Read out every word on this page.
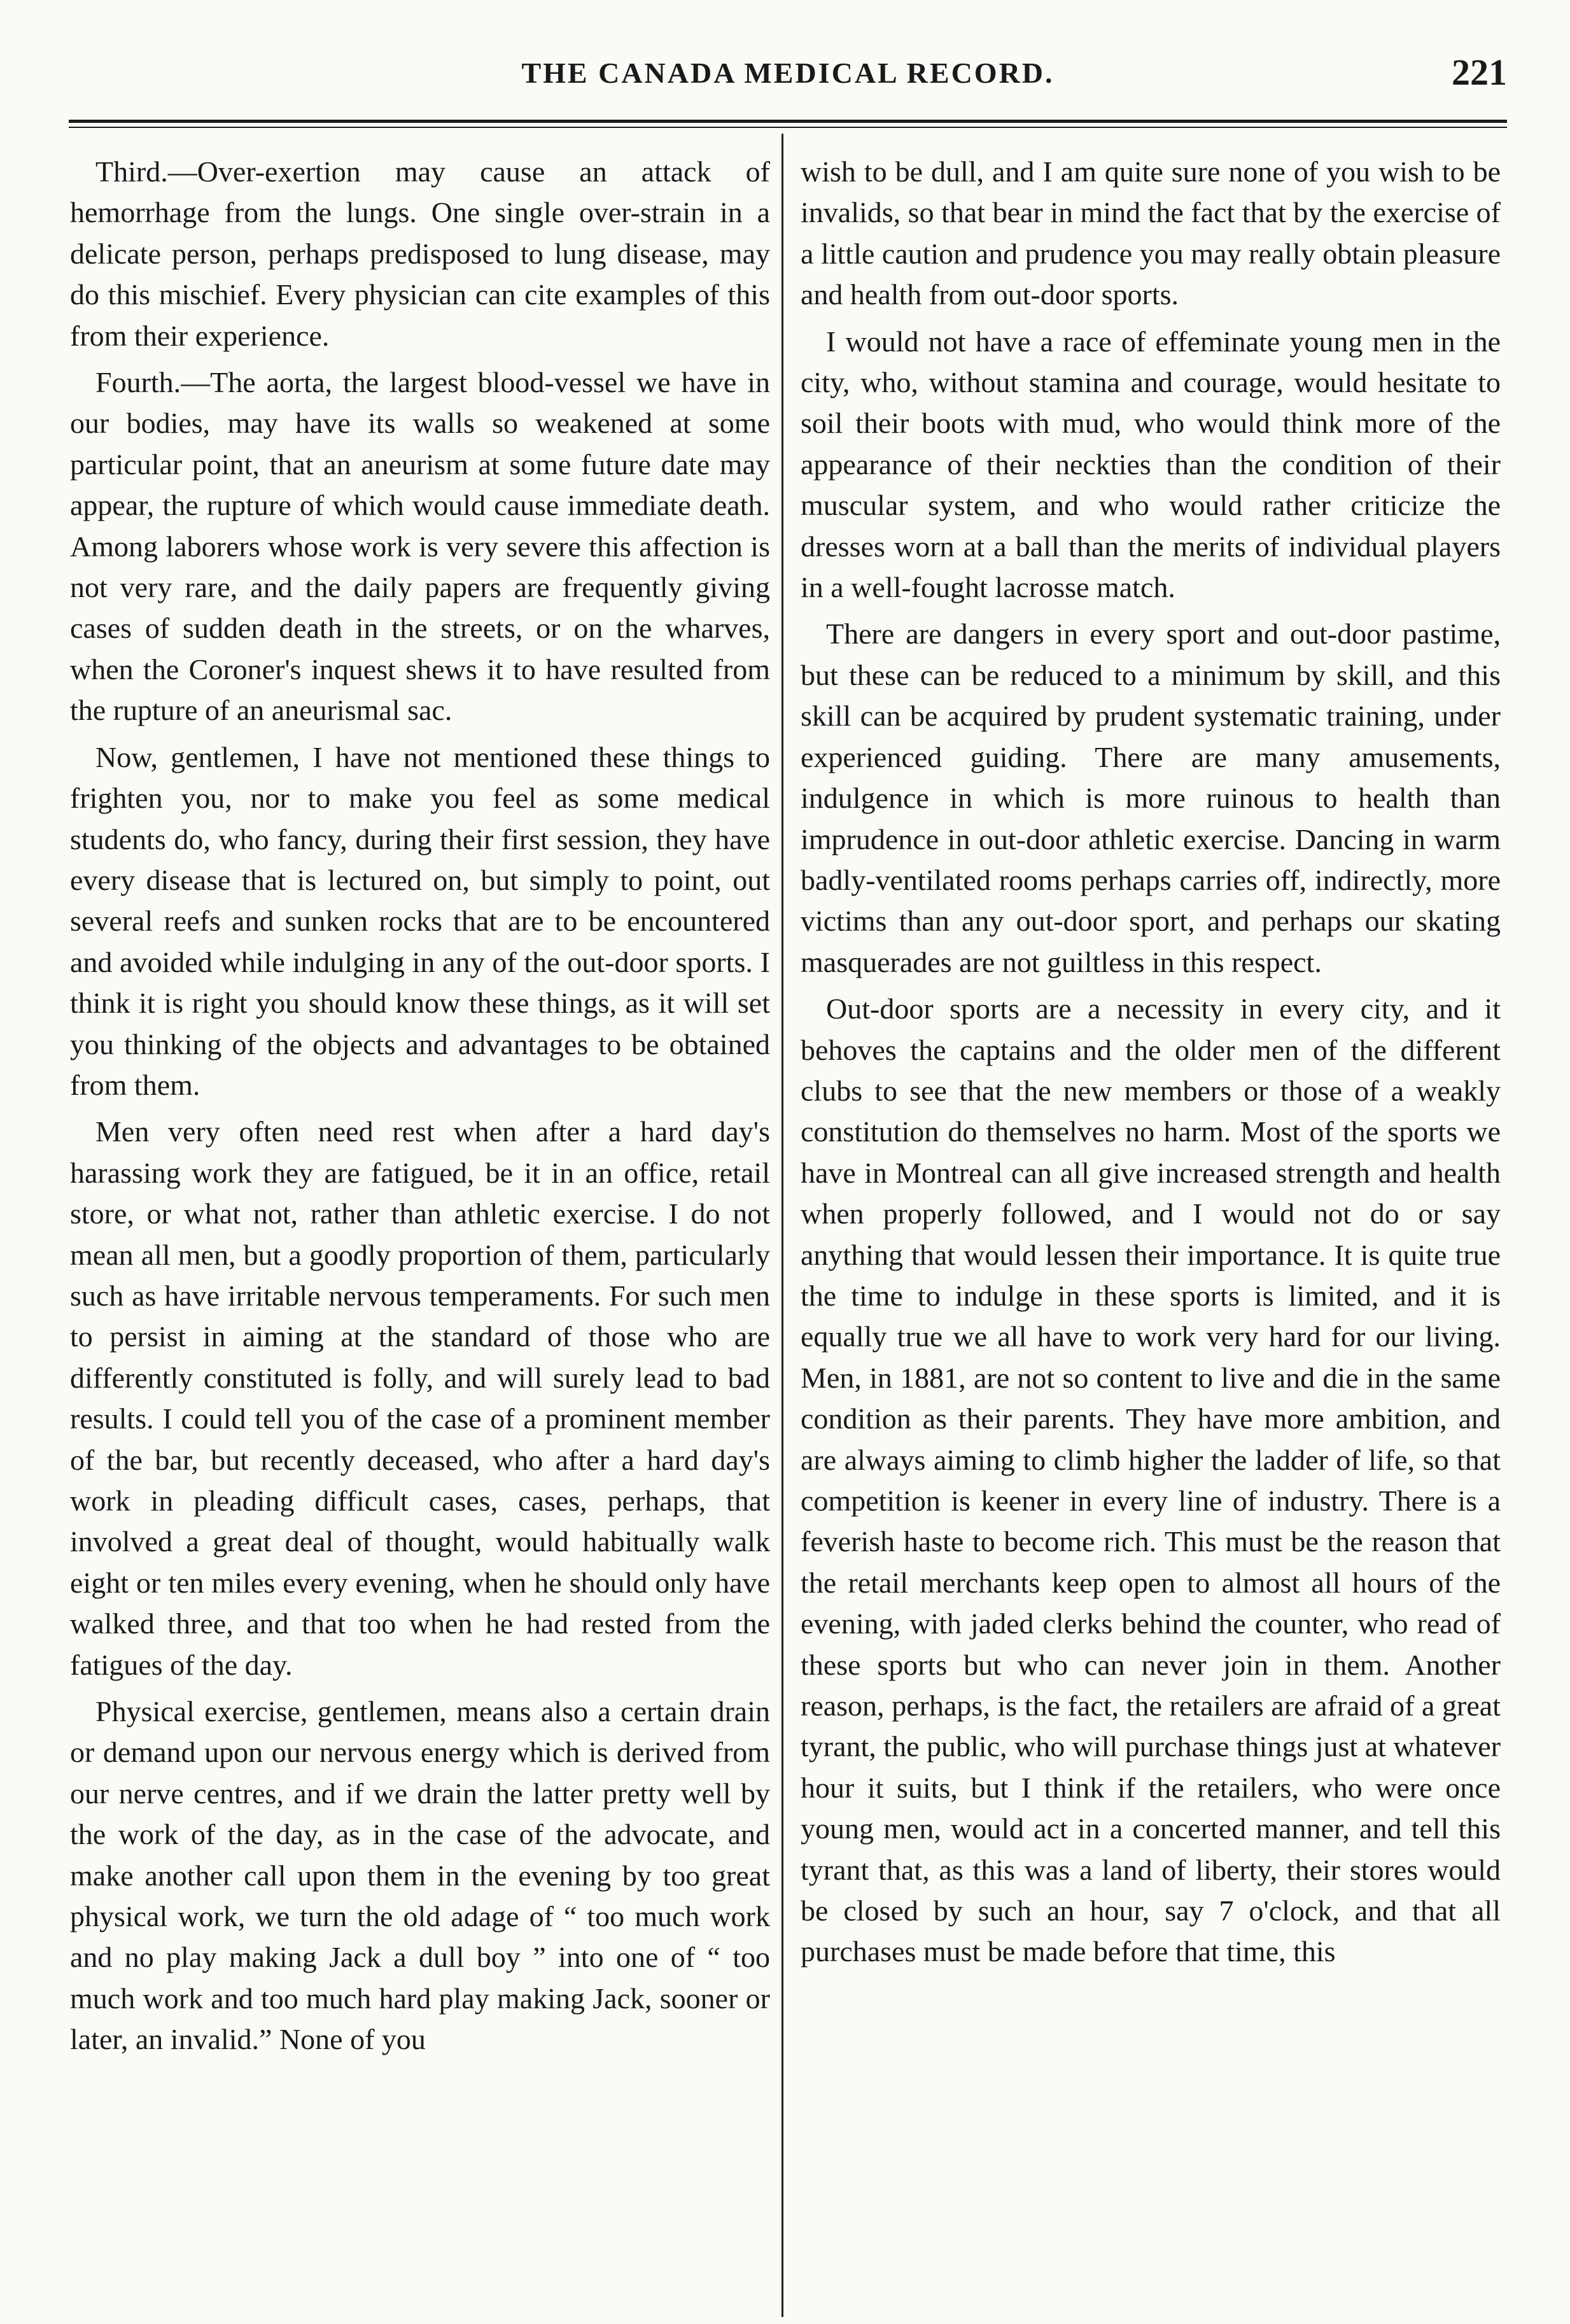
THE CANADA MEDICAL RECORD.	221

Third.—Over-exertion may cause an attack of hemorrhage from the lungs. One single over-strain in a delicate person, perhaps predisposed to lung disease, may do this mischief. Every physician can cite examples of this from their experience.

Fourth.—The aorta, the largest blood-vessel we have in our bodies, may have its walls so weakened at some particular point, that an aneurism at some future date may appear, the rupture of which would cause immediate death. Among laborers whose work is very severe this affection is not very rare, and the daily papers are frequently giving cases of sudden death in the streets, or on the wharves, when the Coroner's inquest shews it to have resulted from the rupture of an aneurismal sac.

Now, gentlemen, I have not mentioned these things to frighten you, nor to make you feel as some medical students do, who fancy, during their first session, they have every disease that is lectured on, but simply to point, out several reefs and sunken rocks that are to be encountered and avoided while indulging in any of the out-door sports. I think it is right you should know these things, as it will set you thinking of the objects and advantages to be obtained from them.

Men very often need rest when after a hard day's harassing work they are fatigued, be it in an office, retail store, or what not, rather than athletic exercise. I do not mean all men, but a goodly proportion of them, particularly such as have irritable nervous temperaments. For such men to persist in aiming at the standard of those who are differently constituted is folly, and will surely lead to bad results. I could tell you of the case of a prominent member of the bar, but recently deceased, who after a hard day's work in pleading difficult cases, cases, perhaps, that involved a great deal of thought, would habitually walk eight or ten miles every evening, when he should only have walked three, and that too when he had rested from the fatigues of the day.

Physical exercise, gentlemen, means also a certain drain or demand upon our nervous energy which is derived from our nerve centres, and if we drain the latter pretty well by the work of the day, as in the case of the advocate, and make another call upon them in the evening by too great physical work, we turn the old adage of “ too much work and no play making Jack a dull boy ” into one of “ too much work and too much hard play making Jack, sooner or later, an invalid.” None of you

wish to be dull, and I am quite sure none of you wish to be invalids, so that bear in mind the fact that by the exercise of a little caution and prudence you may really obtain pleasure and health from out-door sports.

I would not have a race of effeminate young men in the city, who, without stamina and courage, would hesitate to soil their boots with mud, who would think more of the appearance of their neckties than the condition of their muscular system, and who would rather criticize the dresses worn at a ball than the merits of individual players in a well-fought lacrosse match.

There are dangers in every sport and out-door pastime, but these can be reduced to a minimum by skill, and this skill can be acquired by prudent systematic training, under experienced guiding. There are many amusements, indulgence in which is more ruinous to health than imprudence in out-door athletic exercise. Dancing in warm badly-ventilated rooms perhaps carries off, indirectly, more victims than any out-door sport, and perhaps our skating masquerades are not guiltless in this respect.

Out-door sports are a necessity in every city, and it behoves the captains and the older men of the different clubs to see that the new members or those of a weakly constitution do themselves no harm. Most of the sports we have in Montreal can all give increased strength and health when properly followed, and I would not do or say anything that would lessen their importance. It is quite true the time to indulge in these sports is limited, and it is equally true we all have to work very hard for our living. Men, in 1881, are not so content to live and die in the same condition as their parents. They have more ambition, and are always aiming to climb higher the ladder of life, so that competition is keener in every line of industry. There is a feverish haste to become rich. This must be the reason that the retail merchants keep open to almost all hours of the evening, with jaded clerks behind the counter, who read of these sports but who can never join in them. Another reason, perhaps, is the fact, the retailers are afraid of a great tyrant, the public, who will purchase things just at whatever hour it suits, but I think if the retailers, who were once young men, would act in a concerted manner, and tell this tyrant that, as this was a land of liberty, their stores would be closed by such an hour, say 7 o'clock, and that all purchases must be made before that time, this
